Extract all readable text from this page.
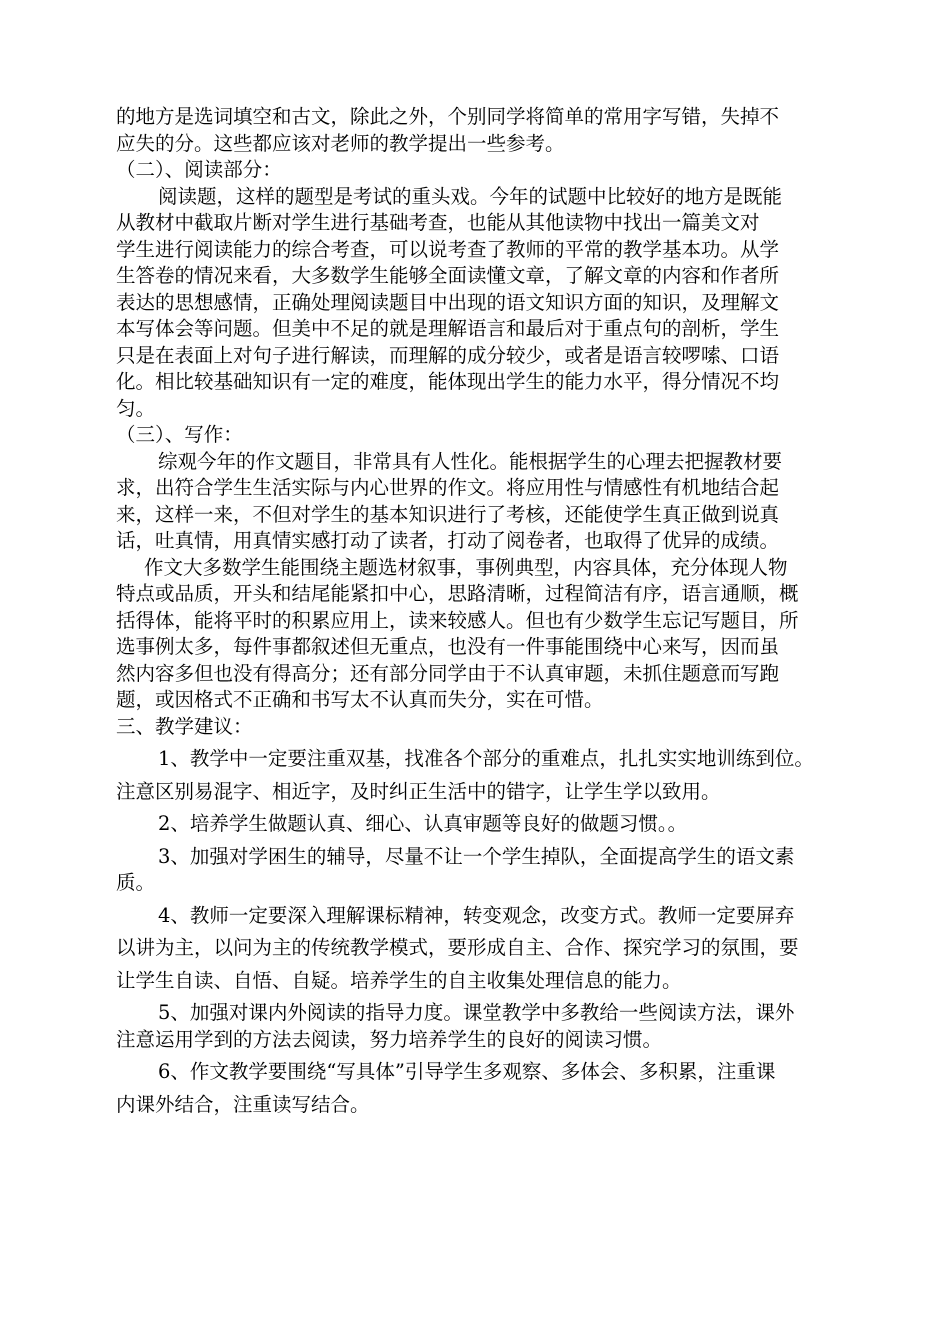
的地方是选词填空和古文，除此之外，个别同学将简单的常用字写错，失掉不
应失的分。这些都应该对老师的教学提出一些参考。
（二）、阅读部分：
阅读题，这样的题型是考试的重头戏。今年的试题中比较好的地方是既能
从教材中截取片断对学生进行基础考查，也能从其他读物中找出一篇美文对
学生进行阅读能力的综合考查，可以说考查了教师的平常的教学基本功。从学
生答卷的情况来看，大多数学生能够全面读懂文章，了解文章的内容和作者所
表达的思想感情，正确处理阅读题目中出现的语文知识方面的知识，及理解文
本写体会等问题。但美中不足的就是理解语言和最后对于重点句的剖析，学生
只是在表面上对句子进行解读，而理解的成分较少，或者是语言较啰嗦、口语
化。相比较基础知识有一定的难度，能体现出学生的能力水平，得分情况不均
匀。
（三）、写作：
综观今年的作文题目，非常具有人性化。能根据学生的心理去把握教材要
求，出符合学生生活实际与内心世界的作文。将应用性与情感性有机地结合起
来，这样一来，不但对学生的基本知识进行了考核，还能使学生真正做到说真
话，吐真情，用真情实感打动了读者，打动了阅卷者，也取得了优异的成绩。
作文大多数学生能围绕主题选材叙事，事例典型，内容具体，充分体现人物
特点或品质，开头和结尾能紧扣中心，思路清晰，过程简洁有序，语言通顺，概
括得体，能将平时的积累应用上，读来较感人。但也有少数学生忘记写题目，所
选事例太多，每件事都叙述但无重点，也没有一件事能围绕中心来写，因而虽
然内容多但也没有得高分；还有部分同学由于不认真审题，未抓住题意而写跑
题，或因格式不正确和书写太不认真而失分，实在可惜。
三、教学建议：
1、教学中一定要注重双基，找准各个部分的重难点，扎扎实实地训练到位。
注意区别易混字、相近字，及时纠正生活中的错字，让学生学以致用。
2、培养学生做题认真、细心、认真审题等良好的做题习惯。。
3、加强对学困生的辅导，尽量不让一个学生掉队，全面提高学生的语文素
质。
4、教师一定要深入理解课标精神，转变观念，改变方式。教师一定要屏弃
以讲为主，以问为主的传统教学模式，要形成自主、合作、探究学习的氛围，要
让学生自读、自悟、自疑。培养学生的自主收集处理信息的能力。
5、加强对课内外阅读的指导力度。课堂教学中多教给一些阅读方法，课外
注意运用学到的方法去阅读，努力培养学生的良好的阅读习惯。
6、作文教学要围绕“写具体”引导学生多观察、多体会、多积累，注重课
内课外结合，注重读写结合。
